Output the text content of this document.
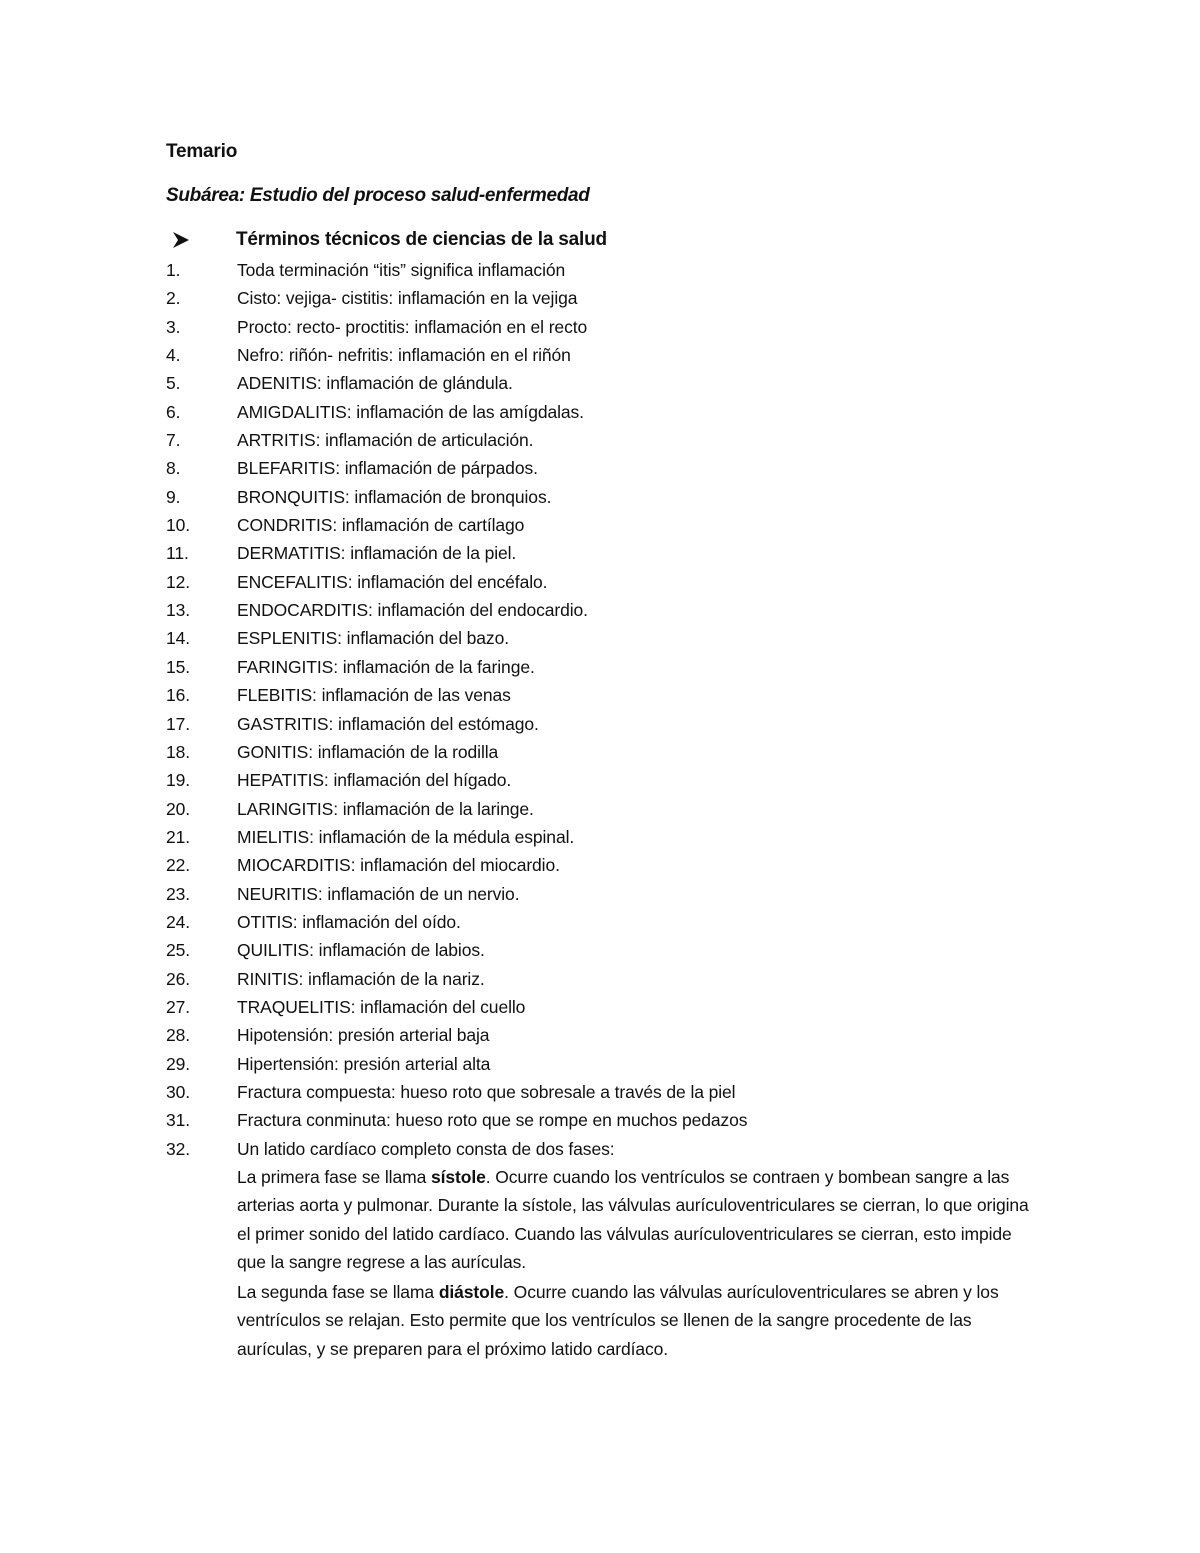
Temario
Subárea: Estudio del proceso salud-enfermedad
Términos técnicos de ciencias de la salud
1.	Toda terminación “itis” significa inflamación
2.	Cisto: vejiga- cistitis: inflamación en la vejiga
3.	Procto: recto- proctitis: inflamación en el recto
4.	Nefro: riñón- nefritis: inflamación en el riñón
5.	ADENITIS: inflamación de glándula.
6.	AMIGDALITIS: inflamación de las amígdalas.
7.	ARTRITIS: inflamación de articulación.
8.	BLEFARITIS: inflamación de párpados.
9.	BRONQUITIS: inflamación de bronquios.
10.	CONDRITIS: inflamación de cartílago
11.	DERMATITIS: inflamación de la piel.
12.	ENCEFALITIS: inflamación del encéfalo.
13.	ENDOCARDITIS: inflamación del endocardio.
14.	ESPLENITIS: inflamación del bazo.
15.	FARINGITIS: inflamación de la faringe.
16.	FLEBITIS: inflamación de las venas
17.	GASTRITIS: inflamación del estómago.
18.	GONITIS: inflamación de la rodilla
19.	HEPATITIS: inflamación del hígado.
20.	LARINGITIS: inflamación de la laringe.
21.	MIELITIS: inflamación de la médula espinal.
22.	MIOCARDITIS: inflamación del miocardio.
23.	NEURITIS: inflamación de un nervio.
24.	OTITIS: inflamación del oído.
25.	QUILITIS: inflamación de labios.
26.	RINITIS: inflamación de la nariz.
27.	TRAQUELITIS: inflamación del cuello
28.	Hipotensión: presión arterial baja
29.	Hipertensión: presión arterial alta
30.	Fractura compuesta: hueso roto que sobresale a través de la piel
31.	Fractura conminuta: hueso roto que se rompe en muchos pedazos
32.	Un latido cardíaco completo consta de dos fases:

La primera fase se llama sístole. Ocurre cuando los ventrículos se contraen y bombean sangre a las arterias aorta y pulmonar. Durante la sístole, las válvulas aurículoventriculares se cierran, lo que origina el primer sonido del latido cardíaco. Cuando las válvulas aurículoventriculares se cierran, esto impide que la sangre regrese a las aurículas.

La segunda fase se llama diástole. Ocurre cuando las válvulas aurículoventriculares se abren y los ventrículos se relajan. Esto permite que los ventrículos se llenen de la sangre procedente de las aurículas, y se preparen para el próximo latido cardíaco.
